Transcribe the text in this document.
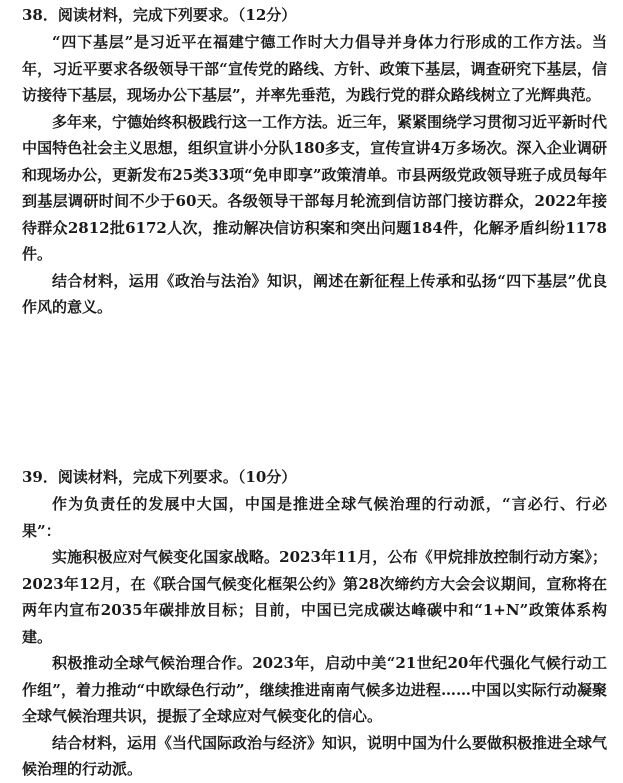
38．阅读材料，完成下列要求。（12分）
“四下基层”是习近平在福建宁德工作时大力倡导并身体力行形成的工作方法。当年，习近平要求各级领导干部“宣传党的路线、方针、政策下基层，调查研究下基层，信访接待下基层，现场办公下基层”，并率先垂范，为践行党的群众路线树立了光辉典范。
多年来，宁德始终积极践行这一工作方法。近三年，紧紧围绕学习贯彻习近平新时代中国特色社会主义思想，组织宣讲小分队180多支，宣传宣讲4万多场次。深入企业调研和现场办公，更新发布25类33项“免申即享”政策清单。市县两级党政领导班子成员每年到基层调研时间不少于60天。各级领导干部每月轮流到信访部门接访群众，2022年接待群众2812批6172人次，推动解决信访积案和突出问题184件，化解矛盾纠纷1178件。
结合材料，运用《政治与法治》知识，阐述在新征程上传承和弘扬“四下基层”优良作风的意义。
39．阅读材料，完成下列要求。（10分）
作为负责任的发展中大国，中国是推进全球气候治理的行动派，“言必行、行必果”：
实施积极应对气候变化国家战略。2023年11月，公布《甲烷排放控制行动方案》；2023年12月，在《联合国气候变化框架公约》第28次缔约方大会会议期间，宣称将在两年内宣布2035年碳排放目标；目前，中国已完成碳达峰碳中和“1+N”政策体系构建。
积极推动全球气候治理合作。2023年，启动中美“21世纪20年代强化气候行动工作组”，着力推动“中欧绿色行动”，继续推进南南气候多边进程……中国以实际行动凝聚全球气候治理共识，提振了全球应对气候变化的信心。
结合材料，运用《当代国际政治与经济》知识，说明中国为什么要做积极推进全球气候治理的行动派。
